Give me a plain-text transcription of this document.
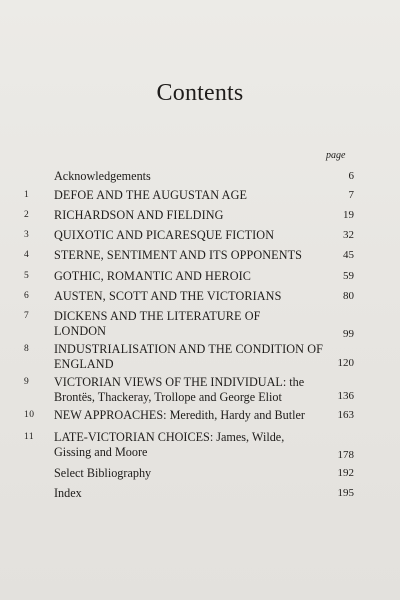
Contents
page
Acknowledgements	6
1	DEFOE AND THE AUGUSTAN AGE	7
2	RICHARDSON AND FIELDING	19
3	QUIXOTIC AND PICARESQUE FICTION	32
4	STERNE, SENTIMENT AND ITS OPPONENTS	45
5	GOTHIC, ROMANTIC AND HEROIC	59
6	AUSTEN, SCOTT AND THE VICTORIANS	80
7	DICKENS AND THE LITERATURE OF LONDON	99
8	INDUSTRIALISATION AND THE CONDITION OF ENGLAND	120
9	VICTORIAN VIEWS OF THE INDIVIDUAL: the Brontës, Thackeray, Trollope and George Eliot	136
10	NEW APPROACHES: Meredith, Hardy and Butler	163
11	LATE-VICTORIAN CHOICES: James, Wilde, Gissing and Moore	178
Select Bibliography	192
Index	195
